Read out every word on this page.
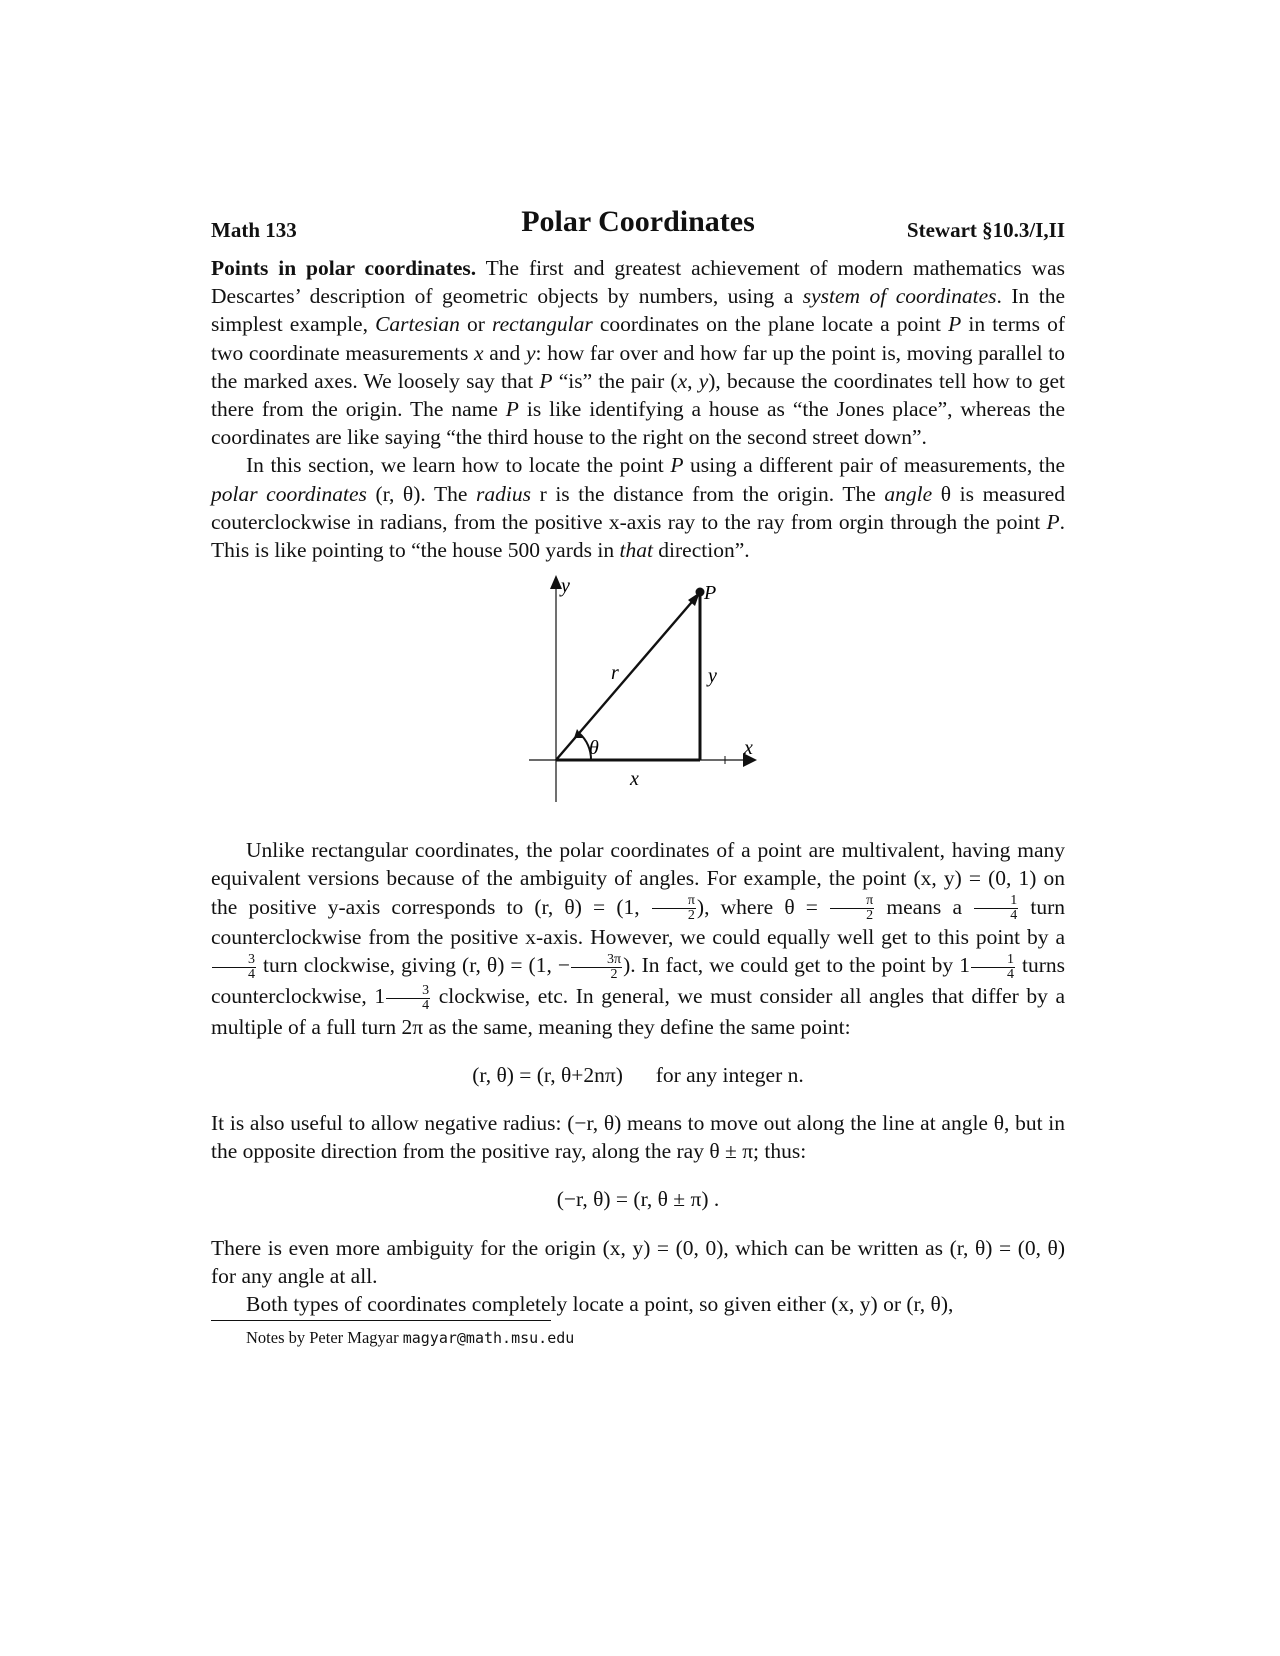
Math 133	Polar Coordinates	Stewart §10.3/I,II

Points in polar coordinates. The first and greatest achievement of modern mathematics was Descartes’ description of geometric objects by numbers, using a system of coordinates. In the simplest example, Cartesian or rectangular coordinates on the plane locate a point P in terms of two coordinate measurements x and y: how far over and how far up the point is, moving parallel to the marked axes. We loosely say that P “is” the pair (x, y), because the coordinates tell how to get there from the origin. The name P is like identifying a house as “the Jones place”, whereas the coordinates are like saying “the third house to the right on the second street down”.

In this section, we learn how to locate the point P using a different pair of measurements, the polar coordinates (r, θ). The radius r is the distance from the origin. The angle θ is measured couterclockwise in radians, from the positive x-axis ray to the ray from orgin through the point P. This is like pointing to “the house 500 yards in that direction”.

y
x
P
r	y
x
θ

Unlike rectangular coordinates, the polar coordinates of a point are multivalent, having many equivalent versions because of the ambiguity of angles. For example, the point (x, y) = (0, 1) on the positive y-axis corresponds to (r, θ) = (1, $\frac{\pi}{2}$ ), where $\theta = \frac{\pi}{2}$ means a $\frac{1}{4}$ turn counterclockwise from the positive x-axis. However, we could equally well get to this point by a
$\frac{3}{4}$ turn clockwise, giving (r, θ) = (1, − $\frac{3\pi}{2}$ ). In fact, we could get to the point by $1 \frac{1}{4}$ turns counterclockwise, $1 \frac{3}{4}$ clockwise, etc. In general, we must consider all angles that differ by a multiple of a full turn 2π as the same, meaning they define the same point:

(r, θ) = (r, θ+2nπ) for any integer n.

It is also useful to allow negative radius: (−r, θ) means to move out along the line at angle θ, but in the opposite direction from the positive ray, along the ray θ ± π; thus:

(−r, θ) = (r, θ ± π) .

There is even more ambiguity for the origin (x, y) = (0, 0), which can be written as (r, θ) = (0, θ) for any angle at all.

Both types of coordinates completely locate a point, so given either (x, y) or (r, θ),

Notes by Peter Magyar magyar@math.msu.edu
